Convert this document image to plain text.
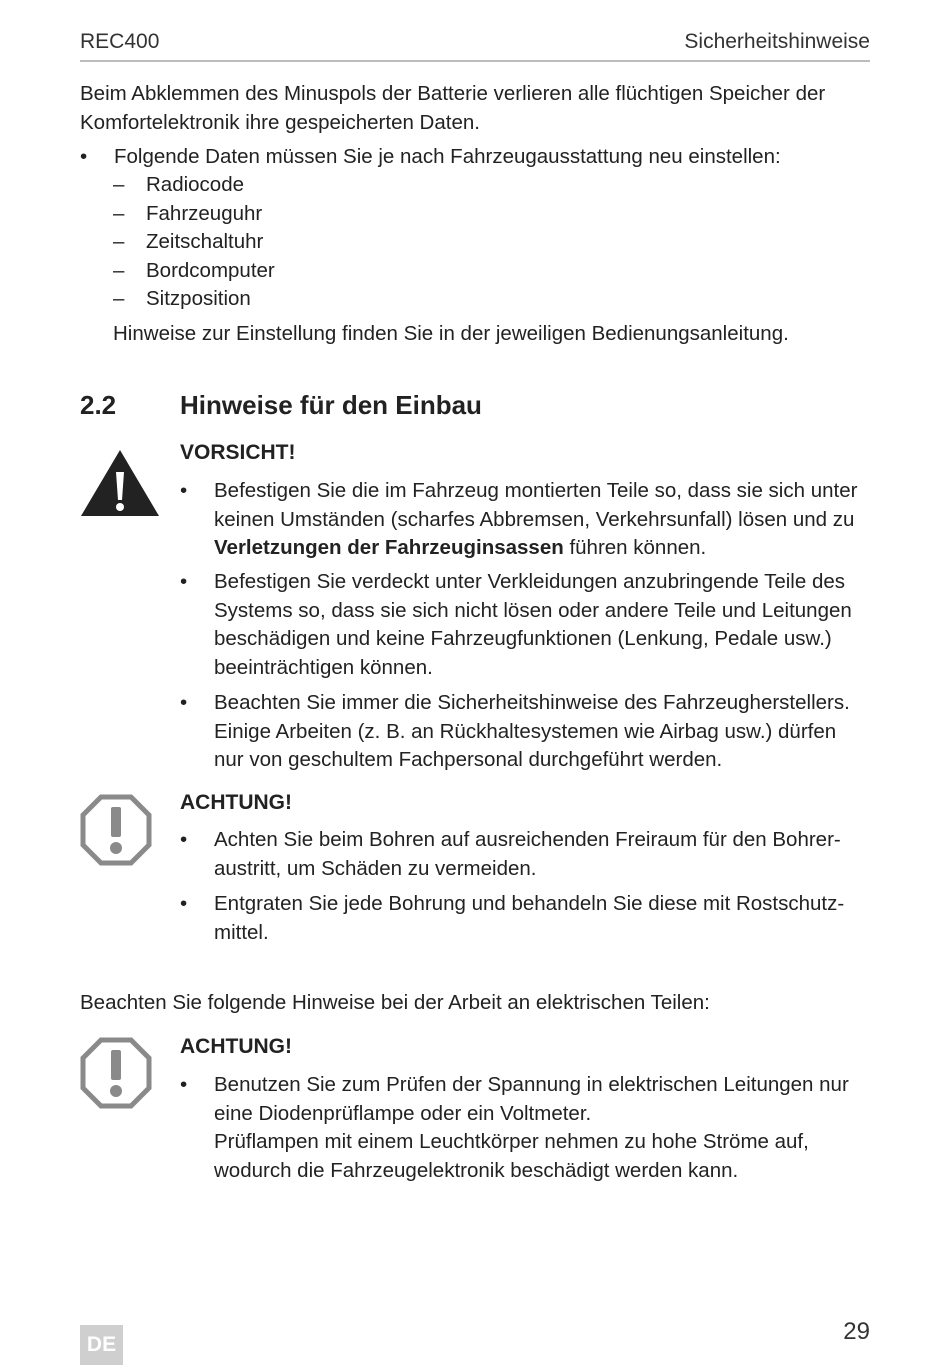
REC400	Sicherheitshinweise
Beim Abklemmen des Minuspols der Batterie verlieren alle flüchtigen Speicher der
Komfortelektronik ihre gespeicherten Daten.
• Folgende Daten müssen Sie je nach Fahrzeugausstattung neu einstellen:
– Radiocode
– Fahrzeuguhr
– Zeitschaltuhr
– Bordcomputer
– Sitzposition
Hinweise zur Einstellung finden Sie in der jeweiligen Bedienungsanleitung.
2.2	Hinweise für den Einbau
VORSICHT!
• Befestigen Sie die im Fahrzeug montierten Teile so, dass sie sich unter
keinen Umständen (scharfes Abbremsen, Verkehrsunfall) lösen und zu
Verletzungen der Fahrzeuginsassen führen können.
• Befestigen Sie verdeckt unter Verkleidungen anzubringende Teile des
Systems so, dass sie sich nicht lösen oder andere Teile und Leitungen
beschädigen und keine Fahrzeugfunktionen (Lenkung, Pedale usw.)
beeinträchtigen können.
• Beachten Sie immer die Sicherheitshinweise des Fahrzeugherstellers.
Einige Arbeiten (z. B. an Rückhaltesystemen wie Airbag usw.) dürfen
nur von geschultem Fachpersonal durchgeführt werden.
ACHTUNG!
• Achten Sie beim Bohren auf ausreichenden Freiraum für den Bohrer-
austritt, um Schäden zu vermeiden.
• Entgraten Sie jede Bohrung und behandeln Sie diese mit Rostschutz-
mittel.
Beachten Sie folgende Hinweise bei der Arbeit an elektrischen Teilen:
ACHTUNG!
• Benutzen Sie zum Prüfen der Spannung in elektrischen Leitungen nur
eine Diodenprüflampe oder ein Voltmeter.
Prüflampen mit einem Leuchtkörper nehmen zu hohe Ströme auf,
wodurch die Fahrzeugelektronik beschädigt werden kann.
DE	29
